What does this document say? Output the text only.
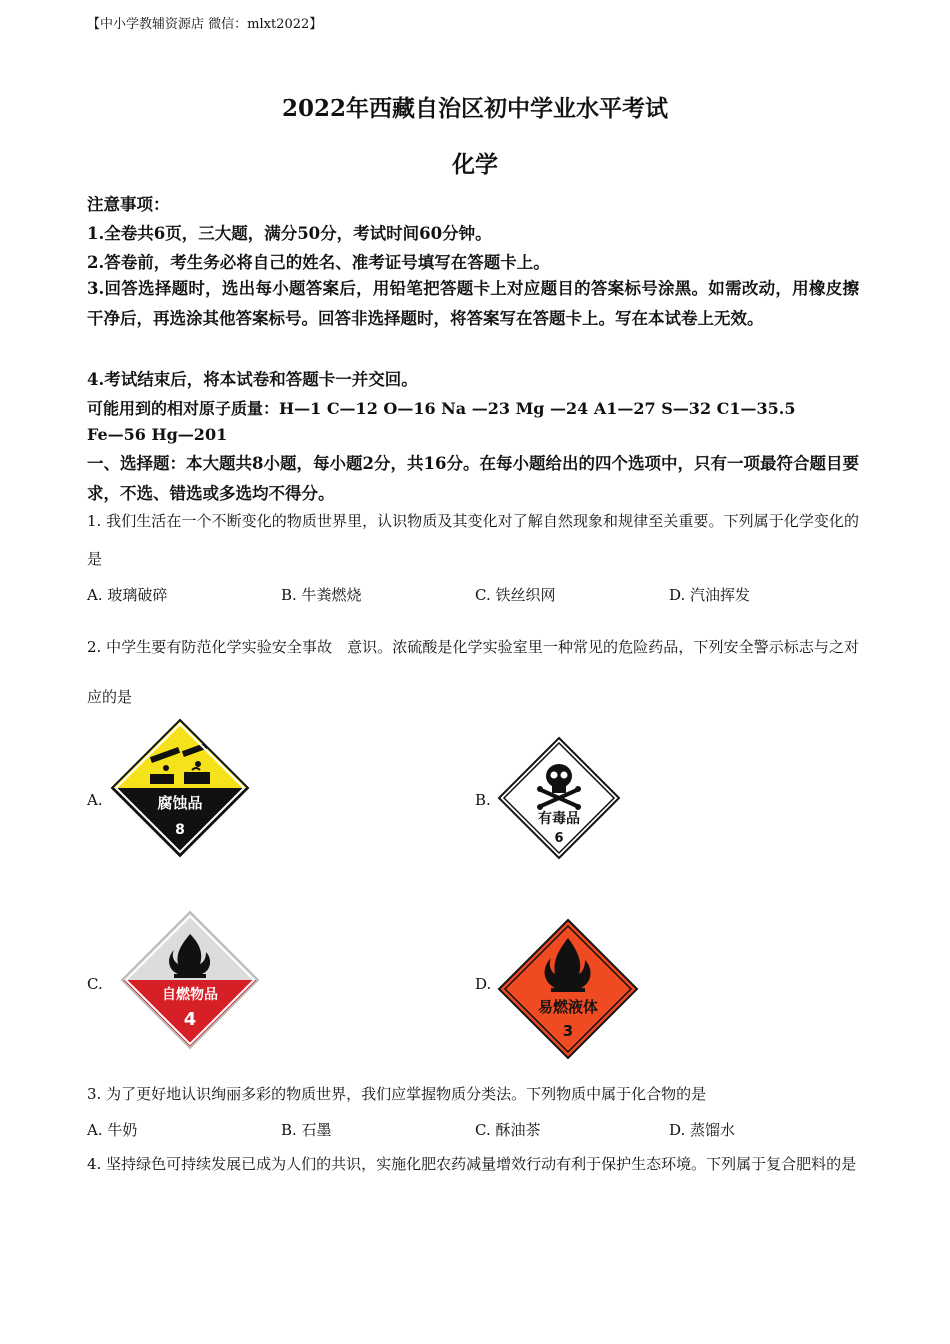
【中小学教辅资源店 微信：mlxt2022】
2022年西藏自治区初中学业水平考试
化学
注意事项：
1.全卷共6页，三大题，满分50分，考试时间60分钟。
2.答卷前，考生务必将自己的姓名、准考证号填写在答题卡上。
3.回答选择题时，选出每小题答案后，用铅笔把答题卡上对应题目的答案标号涂黑。如需改动，用橡皮擦干净后，再选涂其他答案标号。回答非选择题时，将答案写在答题卡上。写在本试卷上无效。
4.考试结束后，将本试卷和答题卡一并交回。
可能用到的相对原子质量：H—1 C—12 O—16 Na —23 Mg —24 A1—27 S—32 C1—35.5
Fe—56 Hg—201
一、选择题：本大题共8小题，每小题2分，共16分。在每小题给出的四个选项中，只有一项最符合题目要求，不选、错选或多选均不得分。
1. 我们生活在一个不断变化的物质世界里，认识物质及其变化对了解自然现象和规律至关重要。下列属于化学变化的是
A. 玻璃破碎	B. 牛粪燃烧	C. 铁丝织网	D. 汽油挥发
2. 中学生要有防范化学实验安全事故　意识。浓硫酸是化学实验室里一种常见的危险药品，下列安全警示标志与之对应的是
A.	腐蚀品
8
B.
有毒品
6
C.
自燃物品
4
D.
易燃液体
3
3. 为了更好地认识绚丽多彩的物质世界，我们应掌握物质分类法。下列物质中属于化合物的是
A. 牛奶	B. 石墨	C. 酥油茶	D. 蒸馏水
4. 坚持绿色可持续发展已成为人们的共识，实施化肥农药减量增效行动有利于保护生态环境。下列属于复合肥料的是
